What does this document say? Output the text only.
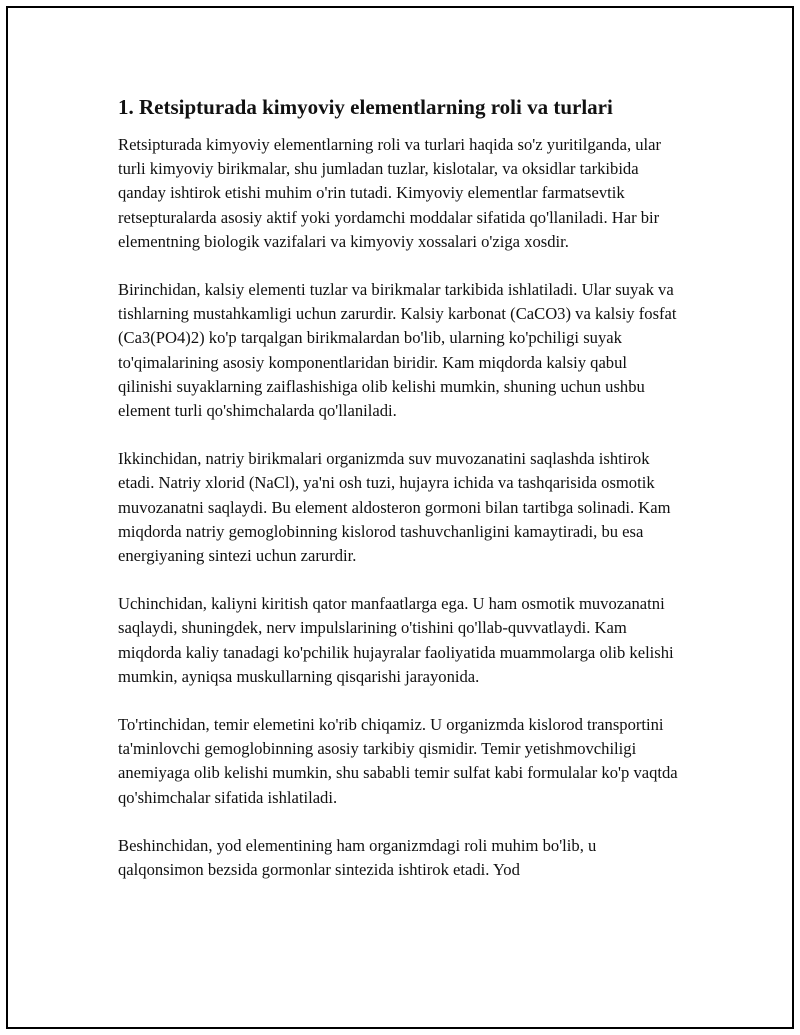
1. Retsipturada kimyoviy elementlarning roli va turlari

Retsipturada kimyoviy elementlarning roli va turlari haqida so'z yuritilganda, ular turli kimyoviy birikmalar, shu jumladan tuzlar, kislotalar, va oksidlar tarkibida qanday ishtirok etishi muhim o'rin tutadi. Kimyoviy elementlar farmatsevtik retsepturalarda asosiy aktif yoki yordamchi moddalar sifatida qo'llaniladi. Har bir elementning biologik vazifalari va kimyoviy xossalari o'ziga xosdir.

Birinchidan, kalsiy elementi tuzlar va birikmalar tarkibida ishlatiladi. Ular suyak va tishlarning mustahkamligi uchun zarurdir. Kalsiy karbonat (CaCO3) va kalsiy fosfat (Ca3(PO4)2) ko'p tarqalgan birikmalardan bo'lib, ularning ko'pchiligi suyak to'qimalarining asosiy komponentlaridan biridir. Kam miqdorda kalsiy qabul qilinishi suyaklarning zaiflashishiga olib kelishi mumkin, shuning uchun ushbu element turli qo'shimchalarda qo'llaniladi.

Ikkinchidan, natriy birikmalari organizmda suv muvozanatini saqlashda ishtirok etadi. Natriy xlorid (NaCl), ya'ni osh tuzi, hujayra ichida va tashqarisida osmotik muvozanatni saqlaydi. Bu element aldosteron gormoni bilan tartibga solinadi. Kam miqdorda natriy gemoglobinning kislorod tashuvchanligini kamaytiradi, bu esa energiyaning sintezi uchun zarurdir.

Uchinchidan, kaliyni kiritish qator manfaatlarga ega. U ham osmotik muvozanatni saqlaydi, shuningdek, nerv impulslarining o'tishini qo'llab-quvvatlaydi. Kam miqdorda kaliy tanadagi ko'pchilik hujayralar faoliyatida muammolarga olib kelishi mumkin, ayniqsa muskullarning qisqarishi jarayonida.

To'rtinchidan, temir elemetini ko'rib chiqamiz. U organizmda kislorod transportini ta'minlovchi gemoglobinning asosiy tarkibiy qismidir. Temir yetishmovchiligi anemiyaga olib kelishi mumkin, shu sababli temir sulfat kabi formulalar ko'p vaqtda qo'shimchalar sifatida ishlatiladi.

Beshinchidan, yod elementining ham organizmdagi roli muhim bo'lib, u qalqonsimon bezsida gormonlar sintezida ishtirok etadi. Yod
